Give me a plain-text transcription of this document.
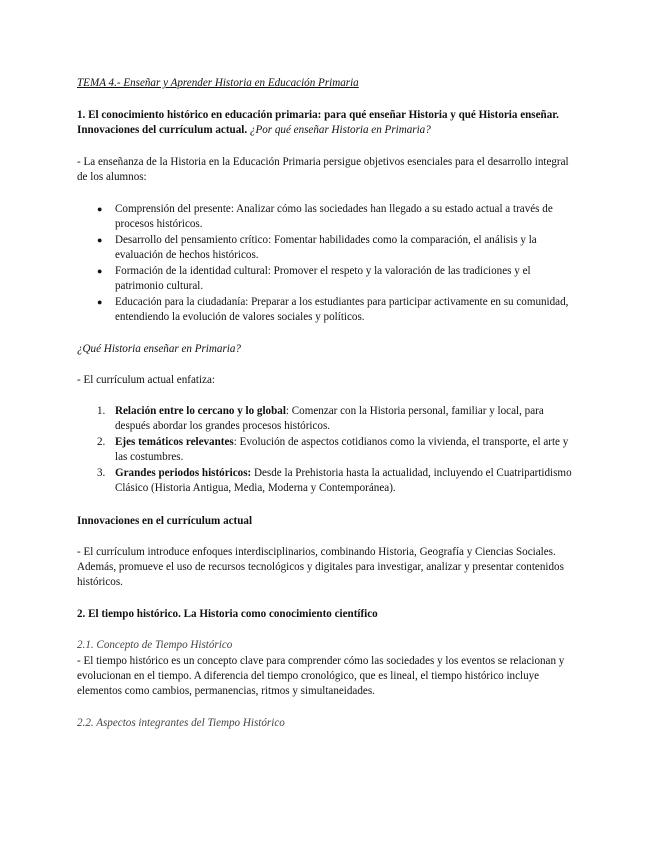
TEMA 4.- Enseñar y Aprender Historia en Educación Primaria

1. El conocimiento histórico en educación primaria: para qué enseñar Historia y qué Historia enseñar. Innovaciones del currículum actual. ¿Por qué enseñar Historia en Primaria?

- La enseñanza de la Historia en la Educación Primaria persigue objetivos esenciales para el desarrollo integral de los alumnos:

● Comprensión del presente: Analizar cómo las sociedades han llegado a su estado actual a través de procesos históricos.
● Desarrollo del pensamiento crítico: Fomentar habilidades como la comparación, el análisis y la evaluación de hechos históricos.
● Formación de la identidad cultural: Promover el respeto y la valoración de las tradiciones y el patrimonio cultural.
● Educación para la ciudadanía: Preparar a los estudiantes para participar activamente en su comunidad, entendiendo la evolución de valores sociales y políticos.

¿Qué Historia enseñar en Primaria?

- El currículum actual enfatiza:

1. Relación entre lo cercano y lo global: Comenzar con la Historia personal, familiar y local, para después abordar los grandes procesos históricos.
2. Ejes temáticos relevantes: Evolución de aspectos cotidianos como la vivienda, el transporte, el arte y las costumbres.
3. Grandes periodos históricos: Desde la Prehistoria hasta la actualidad, incluyendo el Cuatripartidismo Clásico (Historia Antigua, Media, Moderna y Contemporánea).

Innovaciones en el currículum actual

- El currículum introduce enfoques interdisciplinarios, combinando Historia, Geografía y Ciencias Sociales. Además, promueve el uso de recursos tecnológicos y digitales para investigar, analizar y presentar contenidos históricos.

2. El tiempo histórico. La Historia como conocimiento científico

2.1. Concepto de Tiempo Histórico

- El tiempo histórico es un concepto clave para comprender cómo las sociedades y los eventos se relacionan y evolucionan en el tiempo. A diferencia del tiempo cronológico, que es lineal, el tiempo histórico incluye elementos como cambios, permanencias, ritmos y simultaneidades.

2.2. Aspectos integrantes del Tiempo Histórico
